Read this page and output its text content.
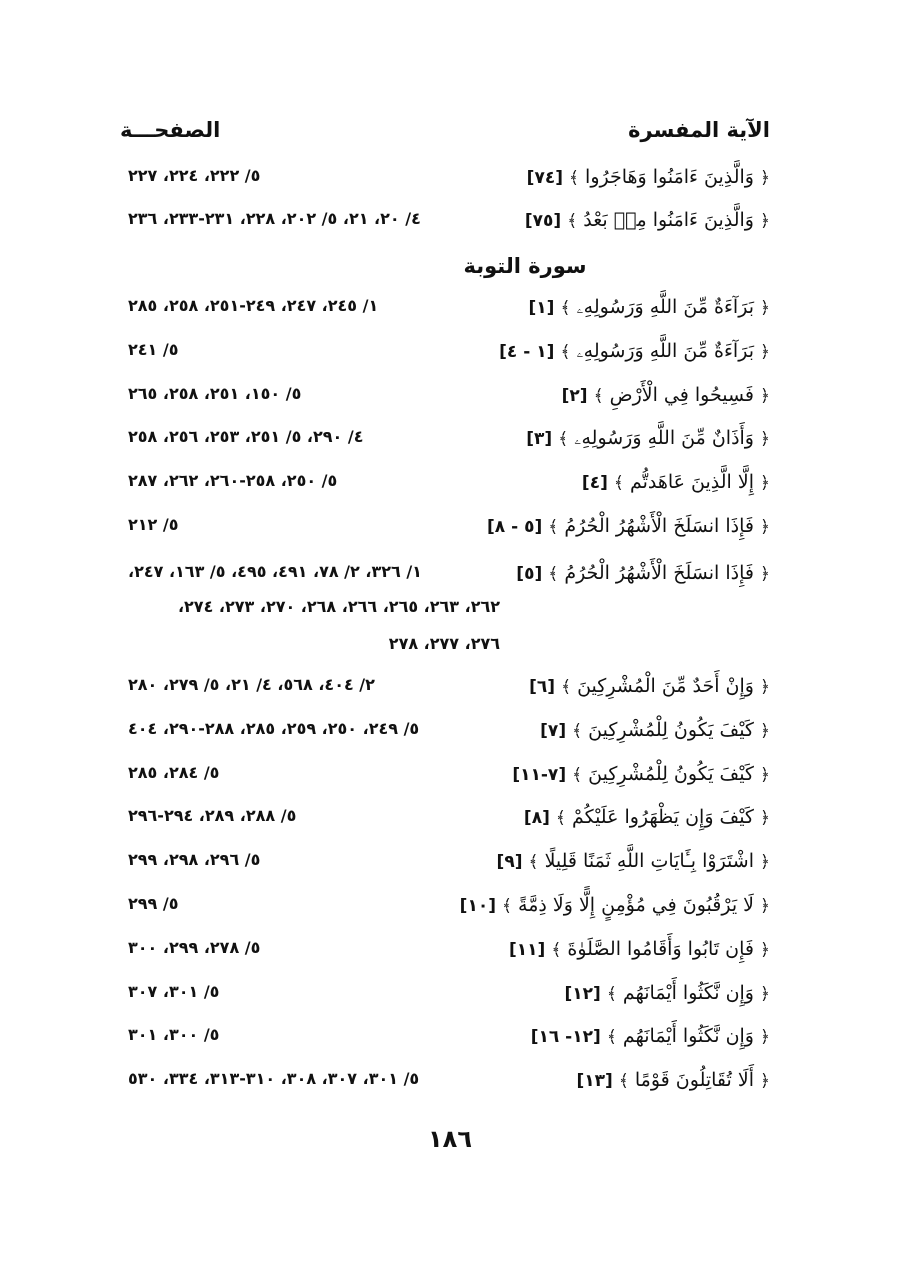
الآية المفسرة
الصفحـــة
﴿ وَالَّذِينَ ءَامَنُوا وَهَاجَرُوا ﴾ [٧٤]
٥/ ٢٢٢، ٢٢٤، ٢٢٧
﴿ وَالَّذِينَ ءَامَنُوا مِنۢ بَعْدُ ﴾ [٧٥]
٤/ ٢٠، ٢١، ٥/ ٢٠٢، ٢٢٨، ٢٣١-٢٣٣، ٢٣٦
سورة التوبة
﴿ بَرَآءَةٌ مِّنَ اللَّهِ وَرَسُولِهِۦ ﴾ [١]
١/ ٢٤٥، ٢٤٧، ٢٤٩-٢٥١، ٢٥٨، ٢٨٥
﴿ بَرَآءَةٌ مِّنَ اللَّهِ وَرَسُولِهِۦ ﴾ [١ - ٤]
٥/ ٢٤١
﴿ فَسِيحُوا فِي الْأَرْضِ ﴾ [٢]
٥/ ١٥٠، ٢٥١، ٢٥٨، ٢٦٥
﴿ وَأَذَانٌ مِّنَ اللَّهِ وَرَسُولِهِۦ ﴾ [٣]
٤/ ٢٩٠، ٥/ ٢٥١، ٢٥٣، ٢٥٦، ٢٥٨
﴿ إِلَّا الَّذِينَ عَاهَدتُّم ﴾ [٤]
٥/ ٢٥٠، ٢٥٨-٢٦٠، ٢٦٢، ٢٨٧
﴿ فَإِذَا انسَلَخَ الْأَشْهُرُ الْحُرُمُ ﴾ [٥ - ٨]
٥/ ٢١٢
﴿ فَإِذَا انسَلَخَ الْأَشْهُرُ الْحُرُمُ ﴾ [٥]
١/ ٣٢٦، ٢/ ٧٨، ٤٩١، ٤٩٥، ٥/ ١٦٣، ٢٤٧،
٢٦٢، ٢٦٣، ٢٦٥، ٢٦٦، ٢٦٨، ٢٧٠، ٢٧٣، ٢٧٤،
٢٧٦، ٢٧٧، ٢٧٨
﴿ وَإِنْ أَحَدٌ مِّنَ الْمُشْرِكِينَ ﴾ [٦]
٢/ ٤٠٤، ٥٦٨، ٤/ ٢١، ٥/ ٢٧٩، ٢٨٠
﴿ كَيْفَ يَكُونُ لِلْمُشْرِكِينَ ﴾ [٧]
٥/ ٢٤٩، ٢٥٠، ٢٥٩، ٢٨٥، ٢٨٨-٢٩٠، ٤٠٤
﴿ كَيْفَ يَكُونُ لِلْمُشْرِكِينَ ﴾ [٧-١١]
٥/ ٢٨٤، ٢٨٥
﴿ كَيْفَ وَإِن يَظْهَرُوا عَلَيْكُمْ ﴾ [٨]
٥/ ٢٨٨، ٢٨٩، ٢٩٤-٢٩٦
﴿ اشْتَرَوْا بِـَٔايَاتِ اللَّهِ ثَمَنًا قَلِيلًا ﴾ [٩]
٥/ ٢٩٦، ٢٩٨، ٢٩٩
﴿ لَا يَرْقُبُونَ فِي مُؤْمِنٍ إِلًّا وَلَا ذِمَّةً ﴾ [١٠]
٥/ ٢٩٩
﴿ فَإِن تَابُوا وَأَقَامُوا الصَّلَوٰةَ ﴾ [١١]
٥/ ٢٧٨، ٢٩٩، ٣٠٠
﴿ وَإِن نَّكَثُوا أَيْمَانَهُم ﴾ [١٢]
٥/ ٣٠١، ٣٠٧
﴿ وَإِن نَّكَثُوا أَيْمَانَهُم ﴾ [١٢- ١٦]
٥/ ٣٠٠، ٣٠١
﴿ أَلَا تُقَاتِلُونَ قَوْمًا ﴾ [١٣]
٥/ ٣٠١، ٣٠٧، ٣٠٨، ٣١٠-٣١٣، ٣٣٤، ٥٣٠
١٨٦
